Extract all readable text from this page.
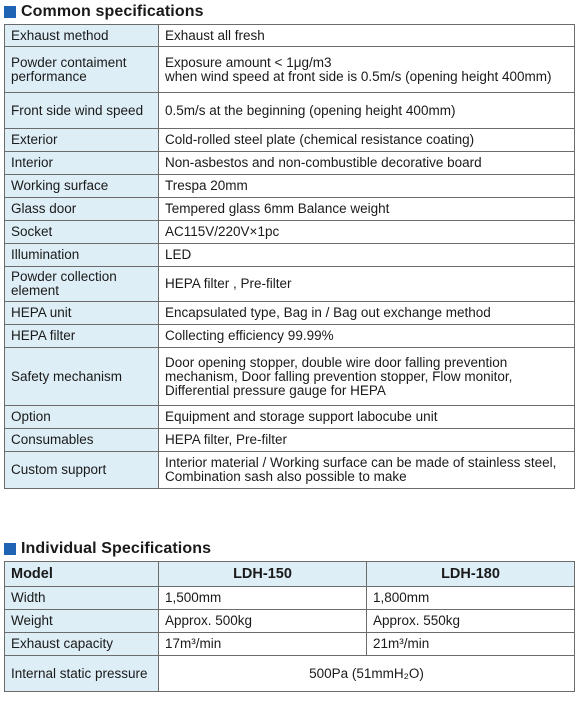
Common specifications
Exhaust method	Exhaust all fresh

Powder contaiment performance	Exposure amount < 1μg/m3
when wind speed at front side is 0.5m/s (opening height 400mm)

Front side wind speed	0.5m/s at the beginning (opening height 400mm)

Exterior	Cold-rolled steel plate (chemical resistance coating)

Interior	Non-asbestos and non-combustible decorative board

Working surface	Trespa 20mm

Glass door	Tempered glass 6mm Balance weight

Socket	AC115V/220V×1pc

Illumination	LED

Powder collection element	HEPA filter , Pre-filter

HEPA unit	Encapsulated type, Bag in / Bag out exchange method

HEPA filter	Collecting efficiency 99.99%

Safety mechanism	Door opening stopper, double wire door falling prevention mechanism, Door falling prevention stopper, Flow monitor, Differential pressure gauge for HEPA

Option	Equipment and storage support labocube unit

Consumables	HEPA filter, Pre-filter

Custom support	Interior material / Working surface can be made of stainless steel, Combination sash also possible to make
Individual Specifications
Model	LDH-150	LDH-180
Width	1,500mm	1,800mm
Weight	Approx. 500kg	Approx. 550kg
Exhaust capacity	17m³/min	21m³/min
Internal static pressure	500Pa (51mmH₂O)	
